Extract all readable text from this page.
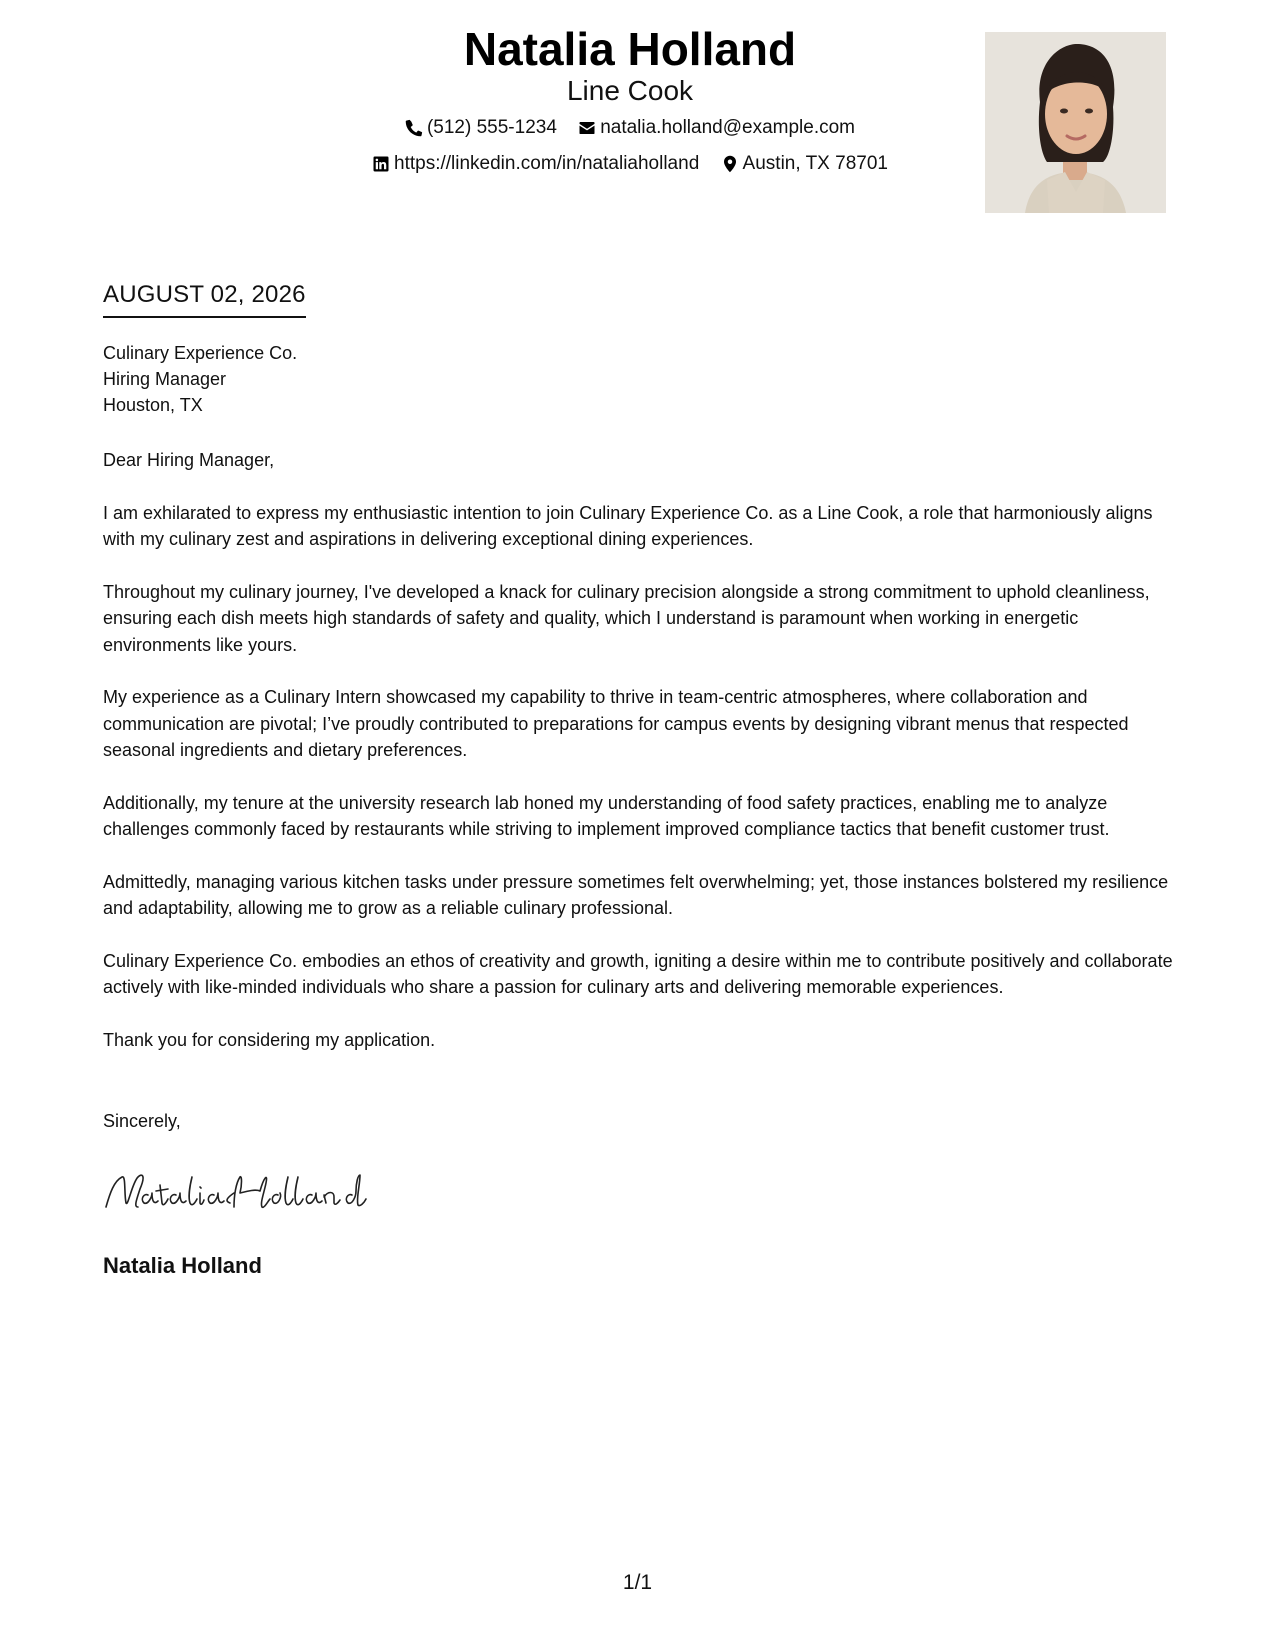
Natalia Holland
Line Cook
(512) 555-1234
natalia.holland@example.com
https://linkedin.com/in/nataliaholland
Austin, TX 78701
AUGUST 02, 2026
Culinary Experience Co.
Hiring Manager
Houston, TX

Dear Hiring Manager,

I am exhilarated to express my enthusiastic intention to join Culinary Experience Co. as a Line Cook, a role that harmoniously aligns with my culinary zest and aspirations in delivering exceptional dining experiences.

Throughout my culinary journey, I've developed a knack for culinary precision alongside a strong commitment to uphold cleanliness, ensuring each dish meets high standards of safety and quality, which I understand is paramount when working in energetic environments like yours.

My experience as a Culinary Intern showcased my capability to thrive in team-centric atmospheres, where collaboration and communication are pivotal; I’ve proudly contributed to preparations for campus events by designing vibrant menus that respected seasonal ingredients and dietary preferences.

Additionally, my tenure at the university research lab honed my understanding of food safety practices, enabling me to analyze challenges commonly faced by restaurants while striving to implement improved compliance tactics that benefit customer trust.

Admittedly, managing various kitchen tasks under pressure sometimes felt overwhelming; yet, those instances bolstered my resilience and adaptability, allowing me to grow as a reliable culinary professional.

Culinary Experience Co. embodies an ethos of creativity and growth, igniting a desire within me to contribute positively and collaborate actively with like-minded individuals who share a passion for culinary arts and delivering memorable experiences.

Thank you for considering my application.

Sincerely,
Natalia Holland
1/1
